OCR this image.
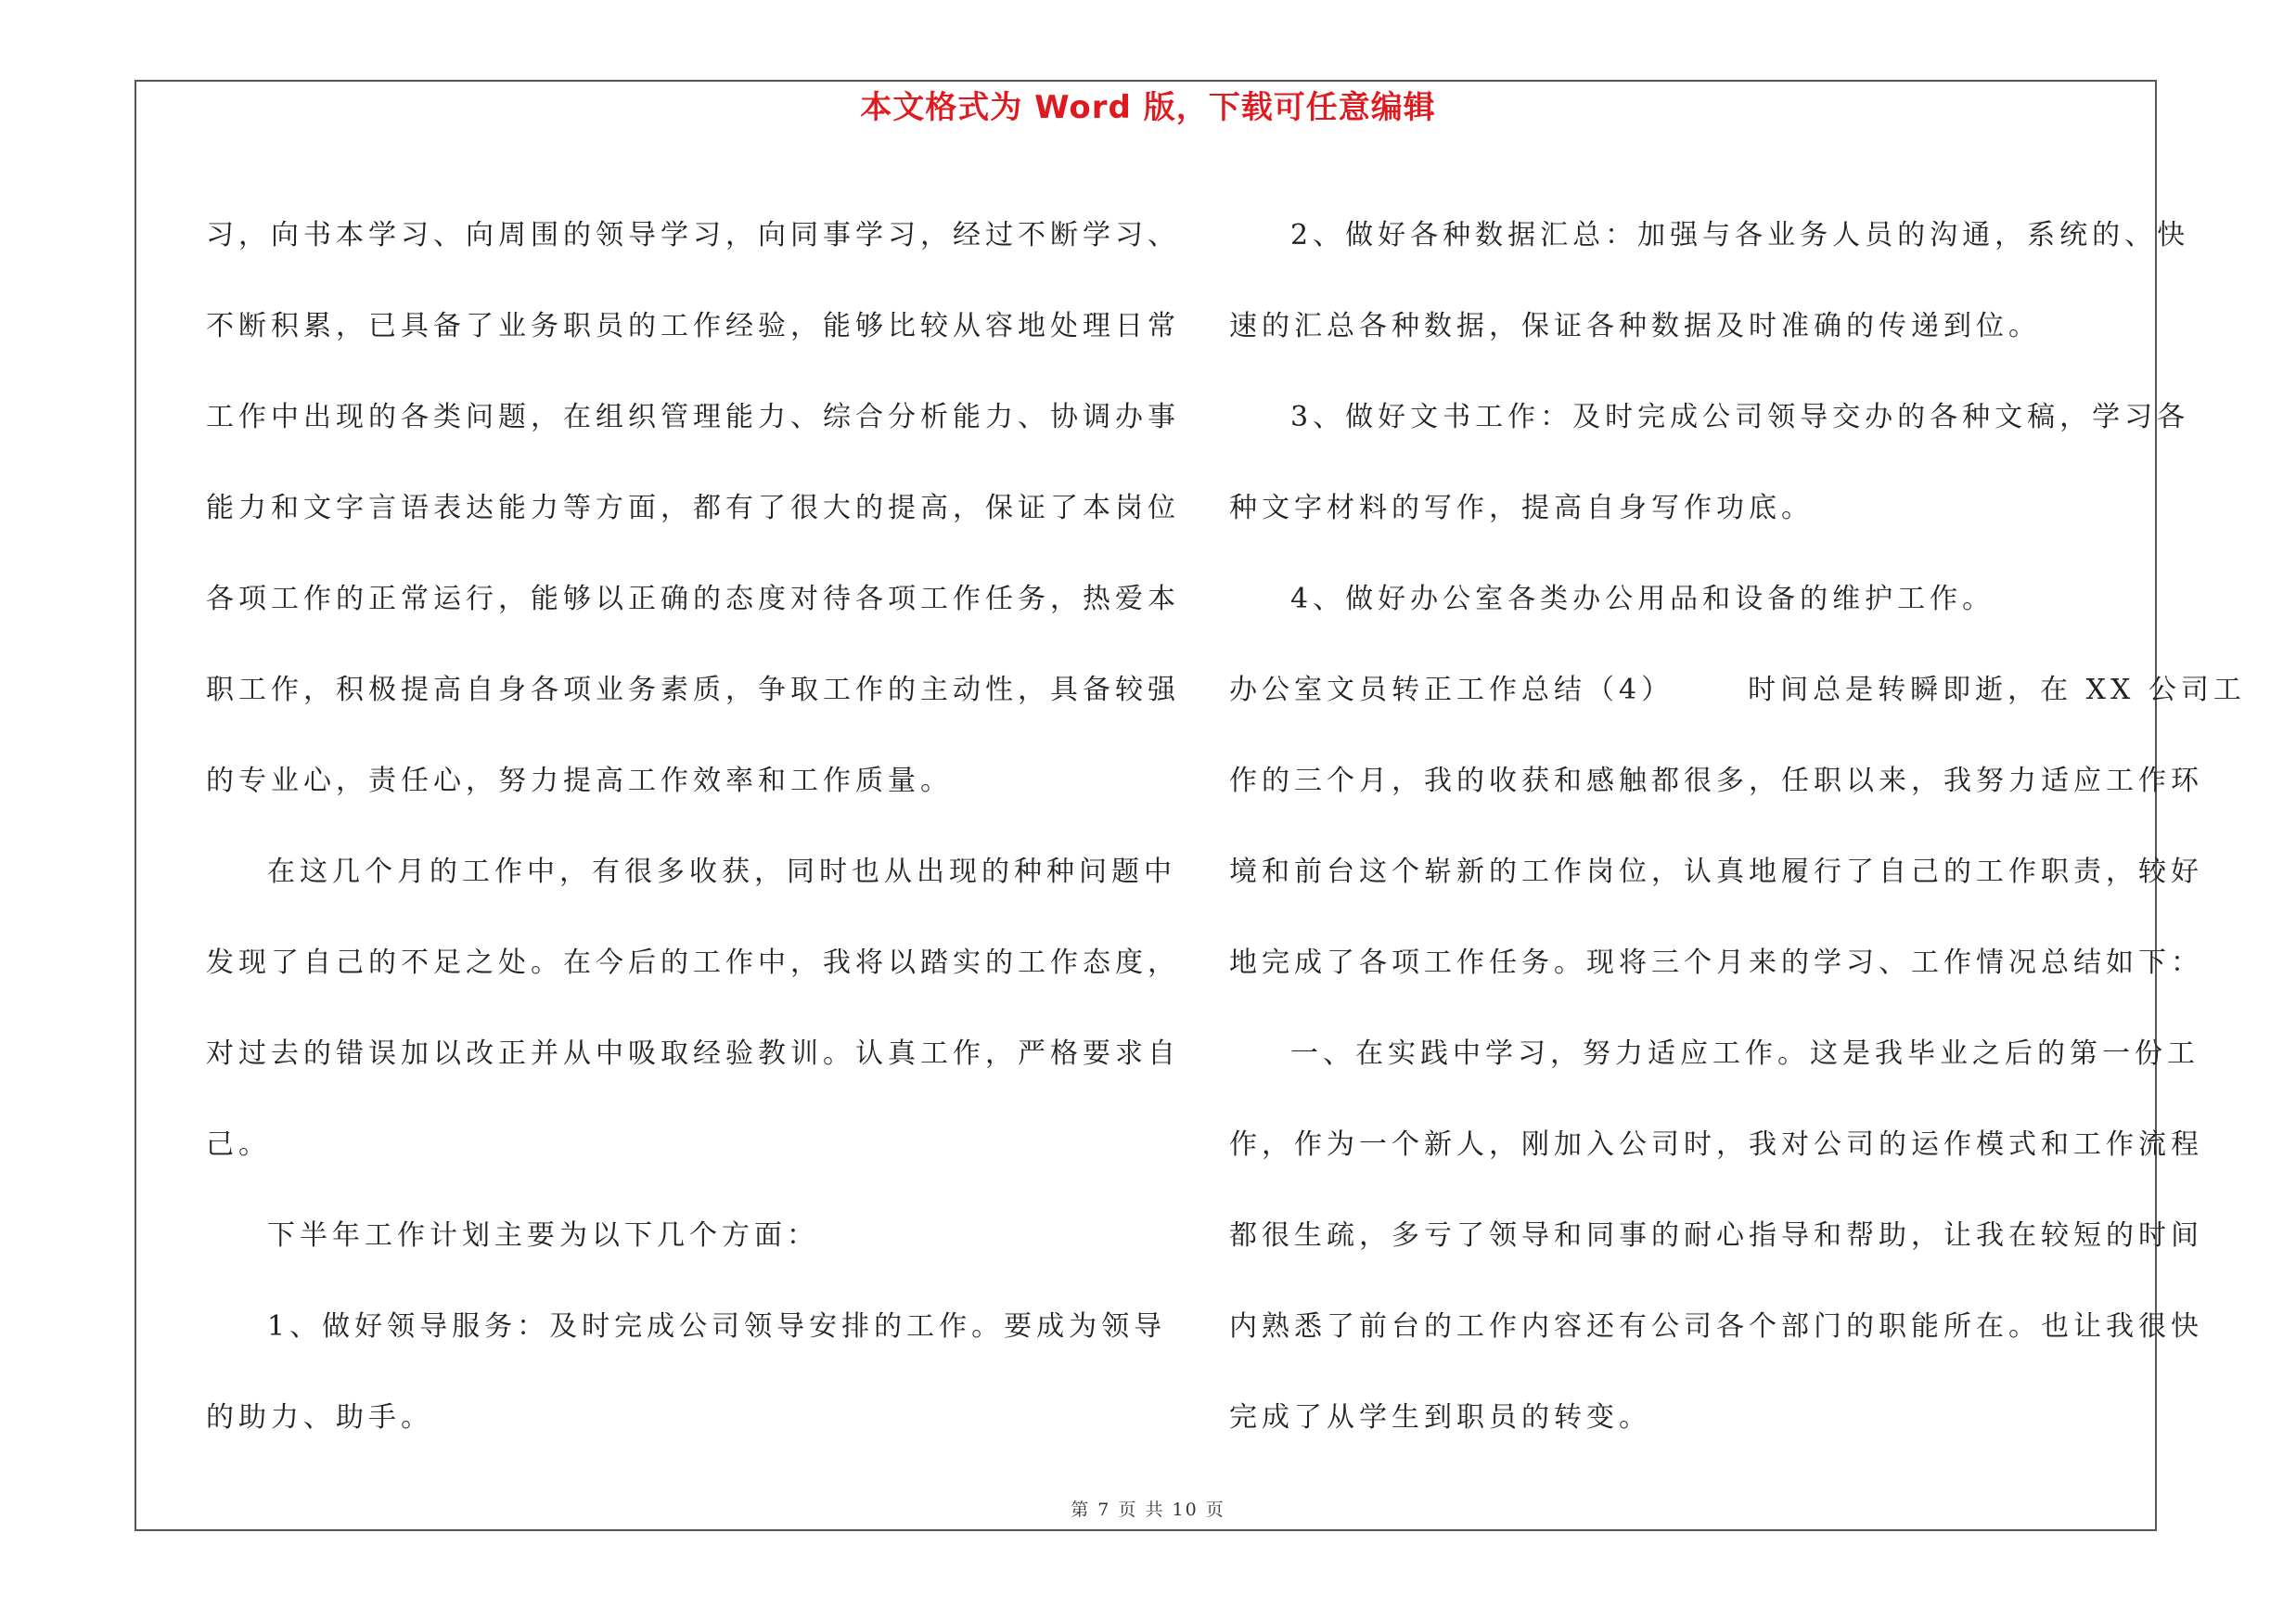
本文格式为 Word 版，下载可任意编辑
习，向书本学习、向周围的领导学习，向同事学习，经过不断学习、
不断积累，已具备了业务职员的工作经验，能够比较从容地处理日常
工作中出现的各类问题，在组织管理能力、综合分析能力、协调办事
能力和文字言语表达能力等方面，都有了很大的提高，保证了本岗位
各项工作的正常运行，能够以正确的态度对待各项工作任务，热爱本
职工作，积极提高自身各项业务素质，争取工作的主动性，具备较强
的专业心，责任心，努力提高工作效率和工作质量。
在这几个月的工作中，有很多收获，同时也从出现的种种问题中
发现了自己的不足之处。在今后的工作中，我将以踏实的工作态度，
对过去的错误加以改正并从中吸取经验教训。认真工作，严格要求自
己。
下半年工作计划主要为以下几个方面：
1、做好领导服务：及时完成公司领导安排的工作。要成为领导
的助力、助手。
2、做好各种数据汇总：加强与各业务人员的沟通，系统的、快
速的汇总各种数据，保证各种数据及时准确的传递到位。
3、做好文书工作：及时完成公司领导交办的各种文稿，学习各
种文字材料的写作，提高自身写作功底。
4、做好办公室各类办公用品和设备的维护工作。
办公室文员转正工作总结（4）	时间总是转瞬即逝，在 XX 公司工
作的三个月，我的收获和感触都很多，任职以来，我努力适应工作环
境和前台这个崭新的工作岗位，认真地履行了自己的工作职责，较好
地完成了各项工作任务。现将三个月来的学习、工作情况总结如下：
一、在实践中学习，努力适应工作。这是我毕业之后的第一份工
作，作为一个新人，刚加入公司时，我对公司的运作模式和工作流程
都很生疏，多亏了领导和同事的耐心指导和帮助，让我在较短的时间
内熟悉了前台的工作内容还有公司各个部门的职能所在。也让我很快
完成了从学生到职员的转变。
第 7 页 共 10 页
